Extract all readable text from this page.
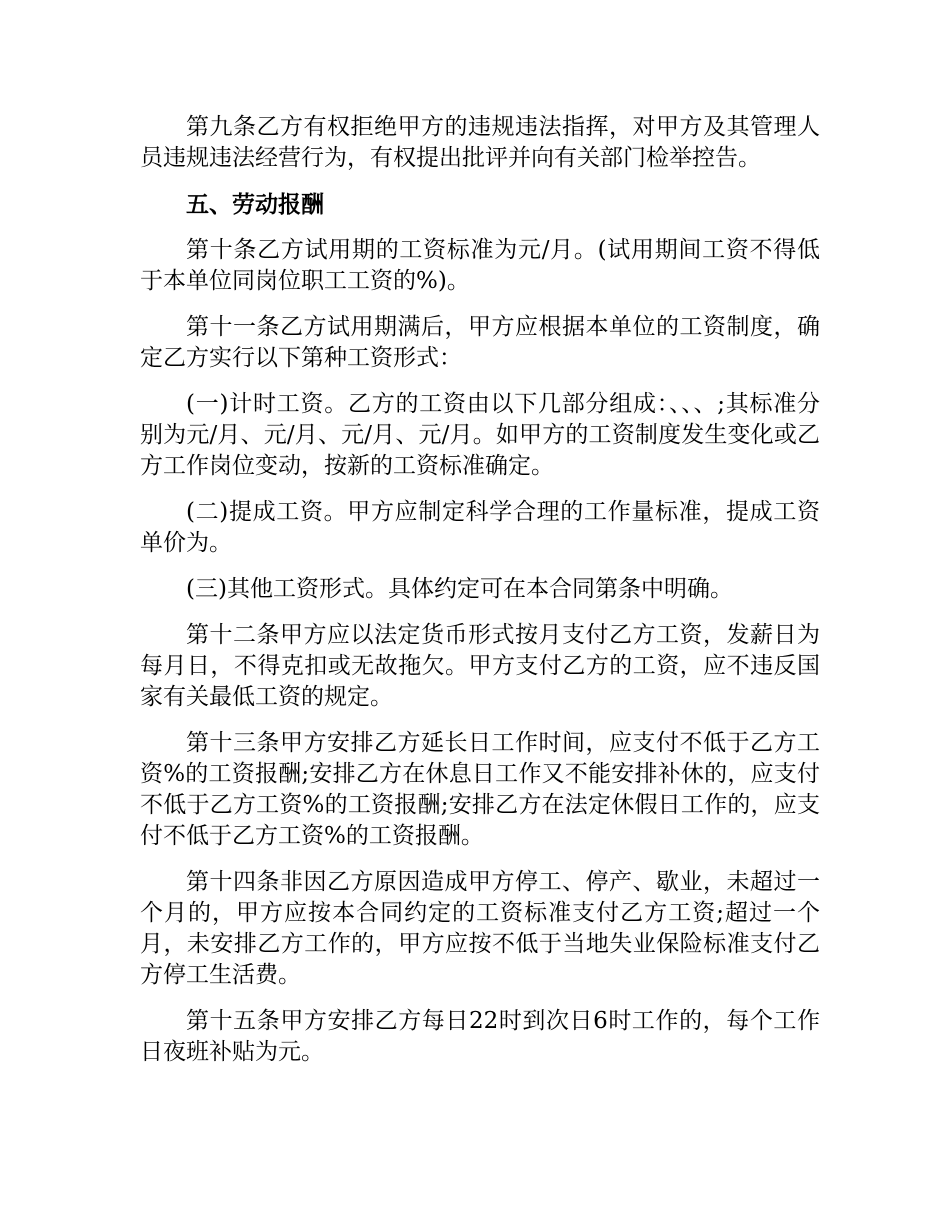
第九条乙方有权拒绝甲方的违规违法指挥，对甲方及其管理人员违规违法经营行为，有权提出批评并向有关部门检举控告。

五、劳动报酬

第十条乙方试用期的工资标准为元/月。(试用期间工资不得低于本单位同岗位职工工资的%)。

第十一条乙方试用期满后，甲方应根据本单位的工资制度，确定乙方实行以下第种工资形式：

(一)计时工资。乙方的工资由以下几部分组成：、、、;其标准分别为元/月、元/月、元/月、元/月。如甲方的工资制度发生变化或乙方工作岗位变动，按新的工资标准确定。

(二)提成工资。甲方应制定科学合理的工作量标准，提成工资单价为。

(三)其他工资形式。具体约定可在本合同第条中明确。

第十二条甲方应以法定货币形式按月支付乙方工资，发薪日为每月日，不得克扣或无故拖欠。甲方支付乙方的工资，应不违反国家有关最低工资的规定。

第十三条甲方安排乙方延长日工作时间，应支付不低于乙方工资%的工资报酬;安排乙方在休息日工作又不能安排补休的，应支付不低于乙方工资%的工资报酬;安排乙方在法定休假日工作的，应支付不低于乙方工资%的工资报酬。

第十四条非因乙方原因造成甲方停工、停产、歇业，未超过一个月的，甲方应按本合同约定的工资标准支付乙方工资;超过一个月，未安排乙方工作的，甲方应按不低于当地失业保险标准支付乙方停工生活费。

第十五条甲方安排乙方每日22时到次日6时工作的，每个工作日夜班补贴为元。
